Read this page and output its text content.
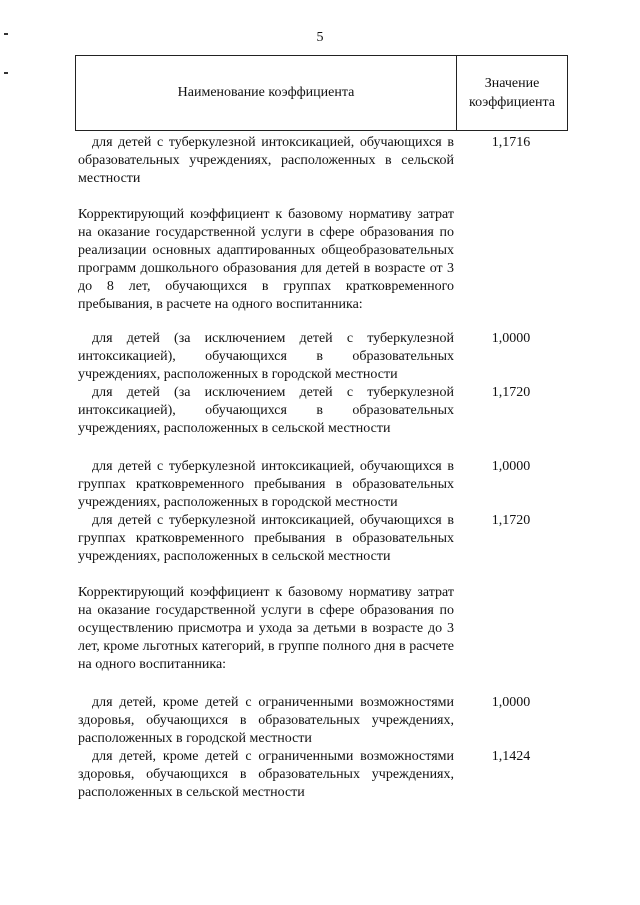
5
Наименование коэффициента
Значение
коэффициента
для детей с туберкулезной интоксикацией, обучающихся в образовательных учреждениях, расположенных в сельской местности
1,1716
Корректирующий коэффициент к базовому нормативу затрат на оказание государственной услуги в сфере образования по реализации основных адаптированных общеобразовательных программ дошкольного образования для детей в возрасте от 3 до 8 лет, обучающихся в группах кратковременного пребывания, в расчете на одного воспитанника:
для детей (за исключением детей с туберкулезной интоксикацией), обучающихся в образовательных учреждениях, расположенных в городской местности
1,0000
для детей (за исключением детей с туберкулезной интоксикацией), обучающихся в образовательных учреждениях, расположенных в сельской местности
1,1720
для детей с туберкулезной интоксикацией, обучающихся в группах кратковременного пребывания в образовательных учреждениях, расположенных в городской местности
1,0000
для детей с туберкулезной интоксикацией, обучающихся в группах кратковременного пребывания в образовательных учреждениях, расположенных в сельской местности
1,1720
Корректирующий коэффициент к базовому нормативу затрат на оказание государственной услуги в сфере образования по осуществлению присмотра и ухода за детьми в возрасте до 3 лет, кроме льготных категорий, в группе полного дня в расчете на одного воспитанника:
для детей, кроме детей с ограниченными возможностями здоровья, обучающихся в образовательных учреждениях, расположенных в городской местности
1,0000
для детей, кроме детей с ограниченными возможностями здоровья, обучающихся в образовательных учреждениях, расположенных в сельской местности
1,1424
